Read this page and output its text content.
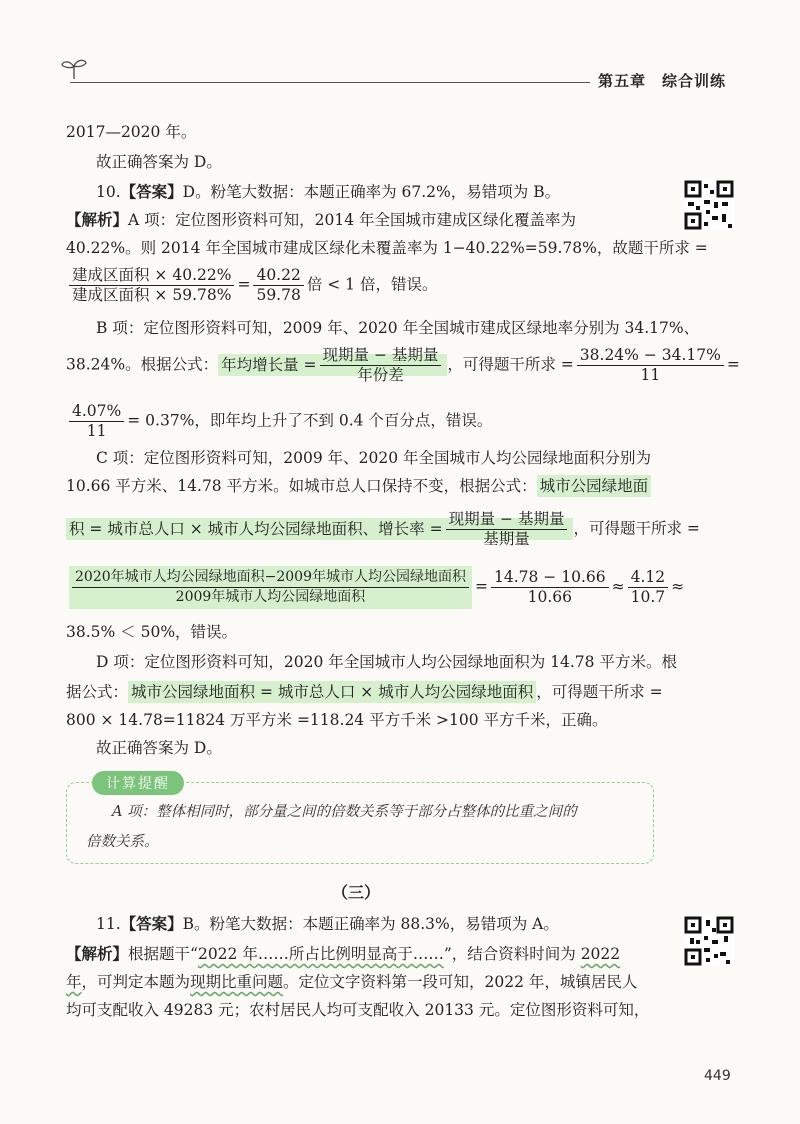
第五章　综合训练
2017—2020 年。
故正确答案为 D。
10.【答案】D。粉笔大数据：本题正确率为 67.2%，易错项为 B。
【解析】A 项：定位图形资料可知，2014 年全国城市建成区绿化覆盖率为
40.22%。则 2014 年全国城市建成区绿化未覆盖率为 1−40.22%=59.78%，故题干所求 =
$\frac{\text{建成区面积 × 40.22\%}}{\text{建成区面积 × 59.78\%}} = \frac{40.22}{59.78}$ 倍 < 1 倍，错误。
B 项：定位图形资料可知，2009 年、2020 年全国城市建成区绿地率分别为 34.17%、
38.24%。根据公式： 年均增长量 = $\frac{\text{现期量 − 基期量}}{\text{年份差}}$ ，可得题干所求 = $\frac{38.24\% - 34.17\%}{11}$ =
$\frac{4.07\%}{11} = 0.37\%$，即年均上升了不到 0.4 个百分点，错误。
C 项：定位图形资料可知，2009 年、2020 年全国城市人均公园绿地面积分别为
10.66 平方米、14.78 平方米。如城市总人口保持不变，根据公式： 城市公园绿地面
积 = 城市总人口 × 城市人均公园绿地面积、增长率 = $\frac{\text{现期量 − 基期量}}{\text{基期量}}$ ，可得题干所求 =
$\frac{\text{2020年城市人均公园绿地面积−2009年城市人均公园绿地面积}}{\text{2009年城市人均公园绿地面积}} = \frac{14.78 - 10.66}{10.66} \approx \frac{4.12}{10.7}$ ≈
38.5% ＜ 50%，错误。
D 项：定位图形资料可知，2020 年全国城市人均公园绿地面积为 14.78 平方米。根
据公式： 城市公园绿地面积 = 城市总人口 × 城市人均公园绿地面积 ，可得题干所求 =
800 × 14.78=11824 万平方米 =118.24 平方千米 >100 平方千米，正确。
故正确答案为 D。
计算提醒
A 项：整体相同时，部分量之间的倍数关系等于部分占整体的比重之间的
倍数关系。
（三）
11.【答案】B。粉笔大数据：本题正确率为 88.3%，易错项为 A。
【解析】根据题干“2022 年……所占比例明显高于……”，结合资料时间为 2022
年，可判定本题为现期比重问题。定位文字资料第一段可知，2022 年，城镇居民人
均可支配收入 49283 元；农村居民人均可支配收入 20133 元。定位图形资料可知，
449
